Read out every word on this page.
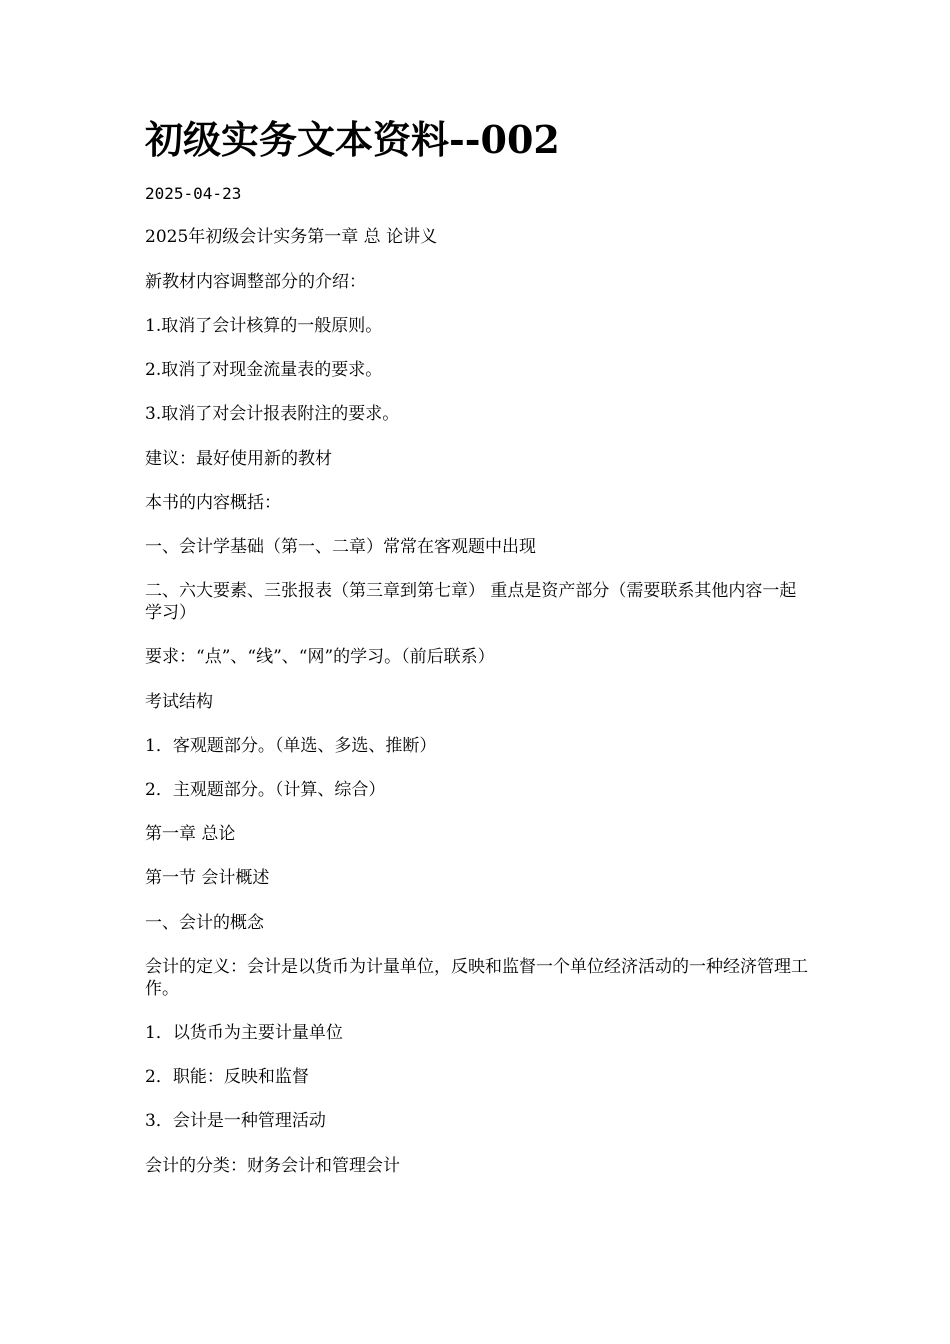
初级实务文本资料--002
2025-04-23

2025年初级会计实务第一章 总 论讲义

新教材内容调整部分的介绍：

1.取消了会计核算的一般原则。

2.取消了对现金流量表的要求。

3.取消了对会计报表附注的要求。

建议：最好使用新的教材

本书的内容概括：

一、会计学基础（第一、二章）常常在客观题中出现

二、六大要素、三张报表（第三章到第七章） 重点是资产部分（需要联系其他内容一起学习）

要求：“点”、“线”、“网”的学习。（前后联系）

考试结构

1．客观题部分。（单选、多选、推断）

2．主观题部分。（计算、综合）

第一章 总论

第一节 会计概述

一、会计的概念

会计的定义：会计是以货币为计量单位，反映和监督一个单位经济活动的一种经济管理工作。

1．以货币为主要计量单位

2．职能：反映和监督

3．会计是一种管理活动

会计的分类：财务会计和管理会计
